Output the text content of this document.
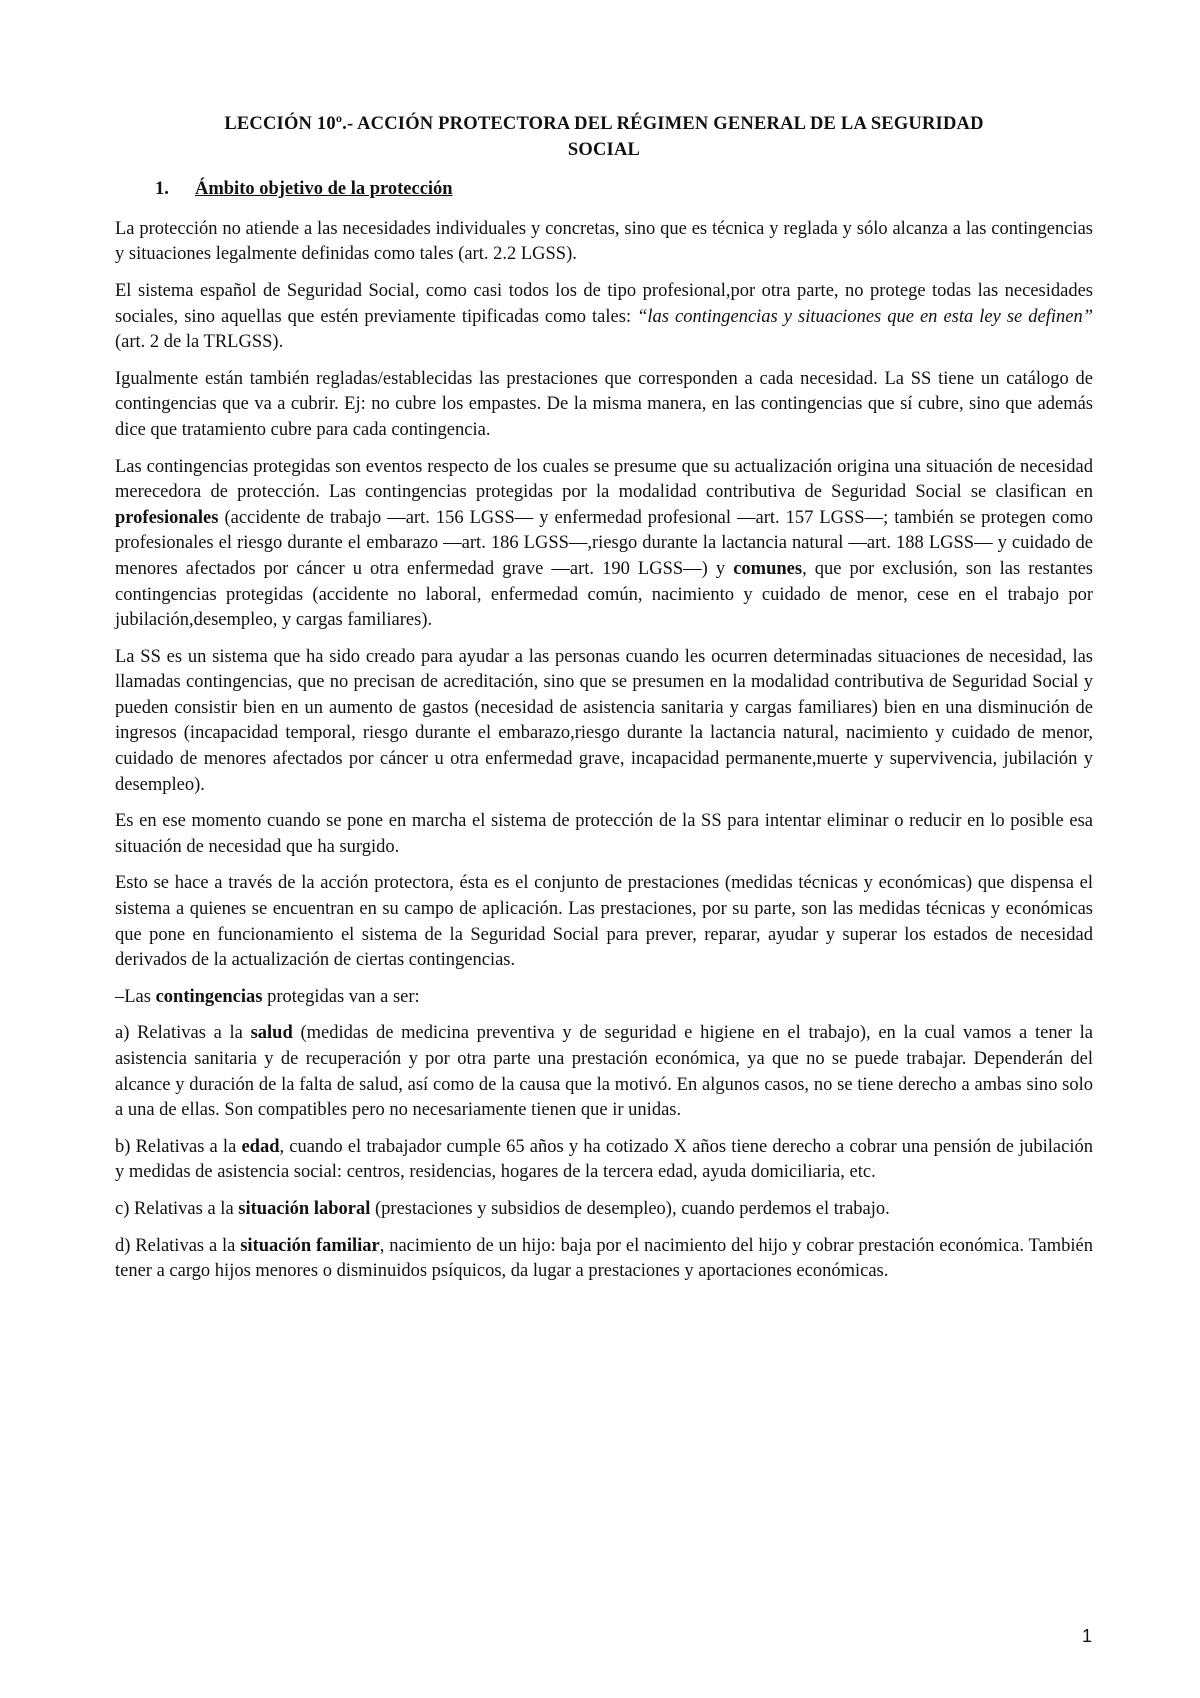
LECCIÓN 10º.- ACCIÓN PROTECTORA DEL RÉGIMEN GENERAL DE LA SEGURIDAD
SOCIAL
1. Ámbito objetivo de la protección

La protección no atiende a las necesidades individuales y concretas, sino que es técnica y reglada y sólo alcanza a las contingencias y situaciones legalmente definidas como tales (art. 2.2 LGSS).

El sistema español de Seguridad Social, como casi todos los de tipo profesional,por otra parte, no protege todas las necesidades sociales, sino aquellas que estén previamente tipificadas como tales: “las contingencias y situaciones que en esta ley se definen” (art. 2 de la TRLGSS).

Igualmente están también regladas/establecidas las prestaciones que corresponden a cada necesidad. La SS tiene un catálogo de contingencias que va a cubrir. Ej: no cubre los empastes. De la misma manera, en las contingencias que sí cubre, sino que además dice que tratamiento cubre para cada contingencia.

Las contingencias protegidas son eventos respecto de los cuales se presume que su actualización origina una situación de necesidad merecedora de protección. Las contingencias protegidas por la modalidad contributiva de Seguridad Social se clasifican en profesionales (accidente de trabajo —art. 156 LGSS— y enfermedad profesional —art. 157 LGSS—; también se protegen como profesionales el riesgo durante el embarazo —art. 186 LGSS—,riesgo durante la lactancia natural —art. 188 LGSS— y cuidado de menores afectados por cáncer u otra enfermedad grave —art. 190 LGSS—) y comunes, que por exclusión, son las restantes contingencias protegidas (accidente no laboral, enfermedad común, nacimiento y cuidado de menor, cese en el trabajo por jubilación,desempleo, y cargas familiares).

La SS es un sistema que ha sido creado para ayudar a las personas cuando les ocurren determinadas situaciones de necesidad, las llamadas contingencias, que no precisan de acreditación, sino que se presumen en la modalidad contributiva de Seguridad Social y pueden consistir bien en un aumento de gastos (necesidad de asistencia sanitaria y cargas familiares) bien en una disminución de ingresos (incapacidad temporal, riesgo durante el embarazo,riesgo durante la lactancia natural, nacimiento y cuidado de menor, cuidado de menores afectados por cáncer u otra enfermedad grave, incapacidad permanente,muerte y supervivencia, jubilación y desempleo).

Es en ese momento cuando se pone en marcha el sistema de protección de la SS para intentar eliminar o reducir en lo posible esa situación de necesidad que ha surgido.

Esto se hace a través de la acción protectora, ésta es el conjunto de prestaciones (medidas técnicas y económicas) que dispensa el sistema a quienes se encuentran en su campo de aplicación. Las prestaciones, por su parte, son las medidas técnicas y económicas que pone en funcionamiento el sistema de la Seguridad Social para prever, reparar, ayudar y superar los estados de necesidad derivados de la actualización de ciertas contingencias.

–Las contingencias protegidas van a ser:

a) Relativas a la salud (medidas de medicina preventiva y de seguridad e higiene en el trabajo), en la cual vamos a tener la asistencia sanitaria y de recuperación y por otra parte una prestación económica, ya que no se puede trabajar. Dependerán del alcance y duración de la falta de salud, así como de la causa que la motivó. En algunos casos, no se tiene derecho a ambas sino solo a una de ellas. Son compatibles pero no necesariamente tienen que ir unidas.

b) Relativas a la edad, cuando el trabajador cumple 65 años y ha cotizado X años tiene derecho a cobrar una pensión de jubilación y medidas de asistencia social: centros, residencias, hogares de la tercera edad, ayuda domiciliaria, etc.

c) Relativas a la situación laboral (prestaciones y subsidios de desempleo), cuando perdemos el trabajo.

d) Relativas a la situación familiar, nacimiento de un hijo: baja por el nacimiento del hijo y cobrar prestación económica. También tener a cargo hijos menores o disminuidos psíquicos, da lugar a prestaciones y aportaciones económicas.

1
